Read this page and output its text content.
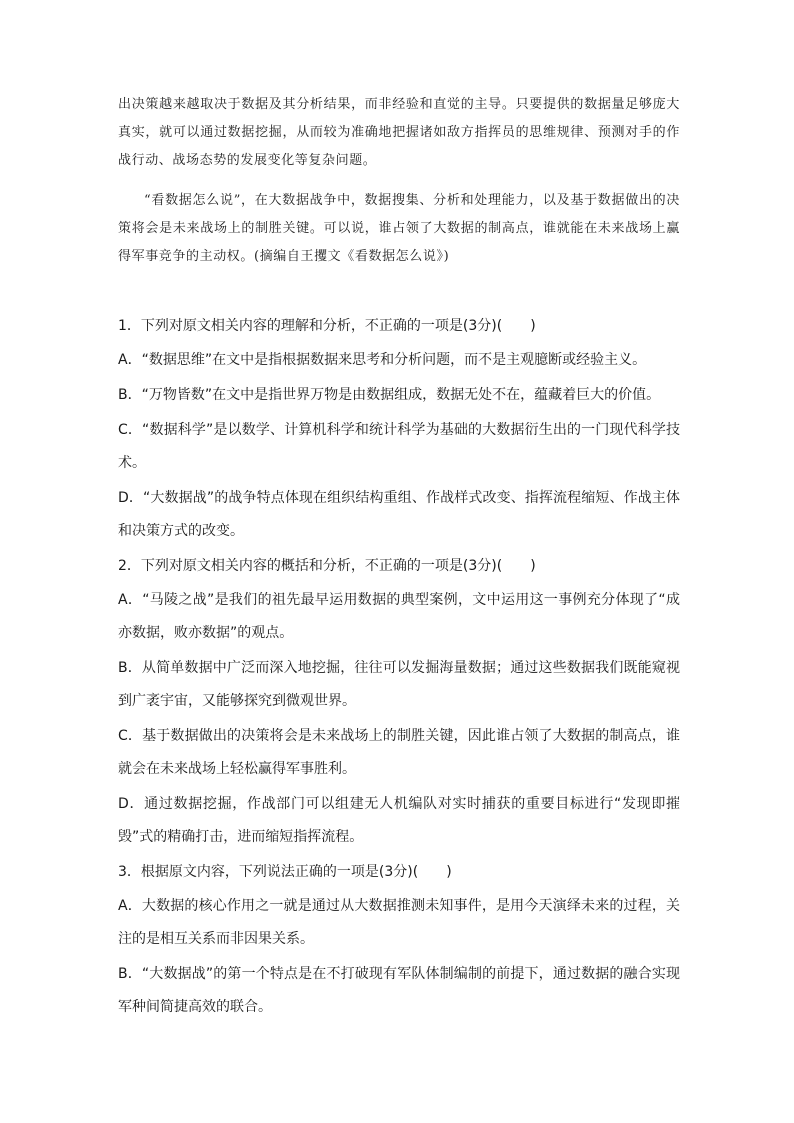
出决策越来越取决于数据及其分析结果，而非经验和直觉的主导。只要提供的数据量足够庞大真实，就可以通过数据挖掘，从而较为准确地把握诸如敌方指挥员的思维规律、预测对手的作战行动、战场态势的发展变化等复杂问题。

“看数据怎么说”，在大数据战争中，数据搜集、分析和处理能力，以及基于数据做出的决策将会是未来战场上的制胜关键。可以说，谁占领了大数据的制高点，谁就能在未来战场上赢得军事竞争的主动权。(摘编自王攫文《看数据怎么说》)

1．下列对原文相关内容的理解和分析，不正确的一项是(3分)(　　)

A．“数据思维”在文中是指根据数据来思考和分析问题，而不是主观臆断或经验主义。

B．“万物皆数”在文中是指世界万物是由数据组成，数据无处不在，蕴藏着巨大的价值。

C．“数据科学”是以数学、计算机科学和统计科学为基础的大数据衍生出的一门现代科学技术。

D．“大数据战”的战争特点体现在组织结构重组、作战样式改变、指挥流程缩短、作战主体和决策方式的改变。

2．下列对原文相关内容的概括和分析，不正确的一项是(3分)(　　)

A．“马陵之战”是我们的祖先最早运用数据的典型案例，文中运用这一事例充分体现了“成亦数据，败亦数据”的观点。

B．从简单数据中广泛而深入地挖掘，往往可以发掘海量数据；通过这些数据我们既能窥视到广袤宇宙，又能够探究到微观世界。

C．基于数据做出的决策将会是未来战场上的制胜关键，因此谁占领了大数据的制高点，谁就会在未来战场上轻松赢得军事胜利。

D．通过数据挖掘，作战部门可以组建无人机编队对实时捕获的重要目标进行“发现即摧毁”式的精确打击，进而缩短指挥流程。

3．根据原文内容，下列说法正确的一项是(3分)(　　)

A．大数据的核心作用之一就是通过从大数据推测未知事件，是用今天演绎未来的过程，关注的是相互关系而非因果关系。

B．“大数据战”的第一个特点是在不打破现有军队体制编制的前提下，通过数据的融合实现军种间简捷高效的联合。
